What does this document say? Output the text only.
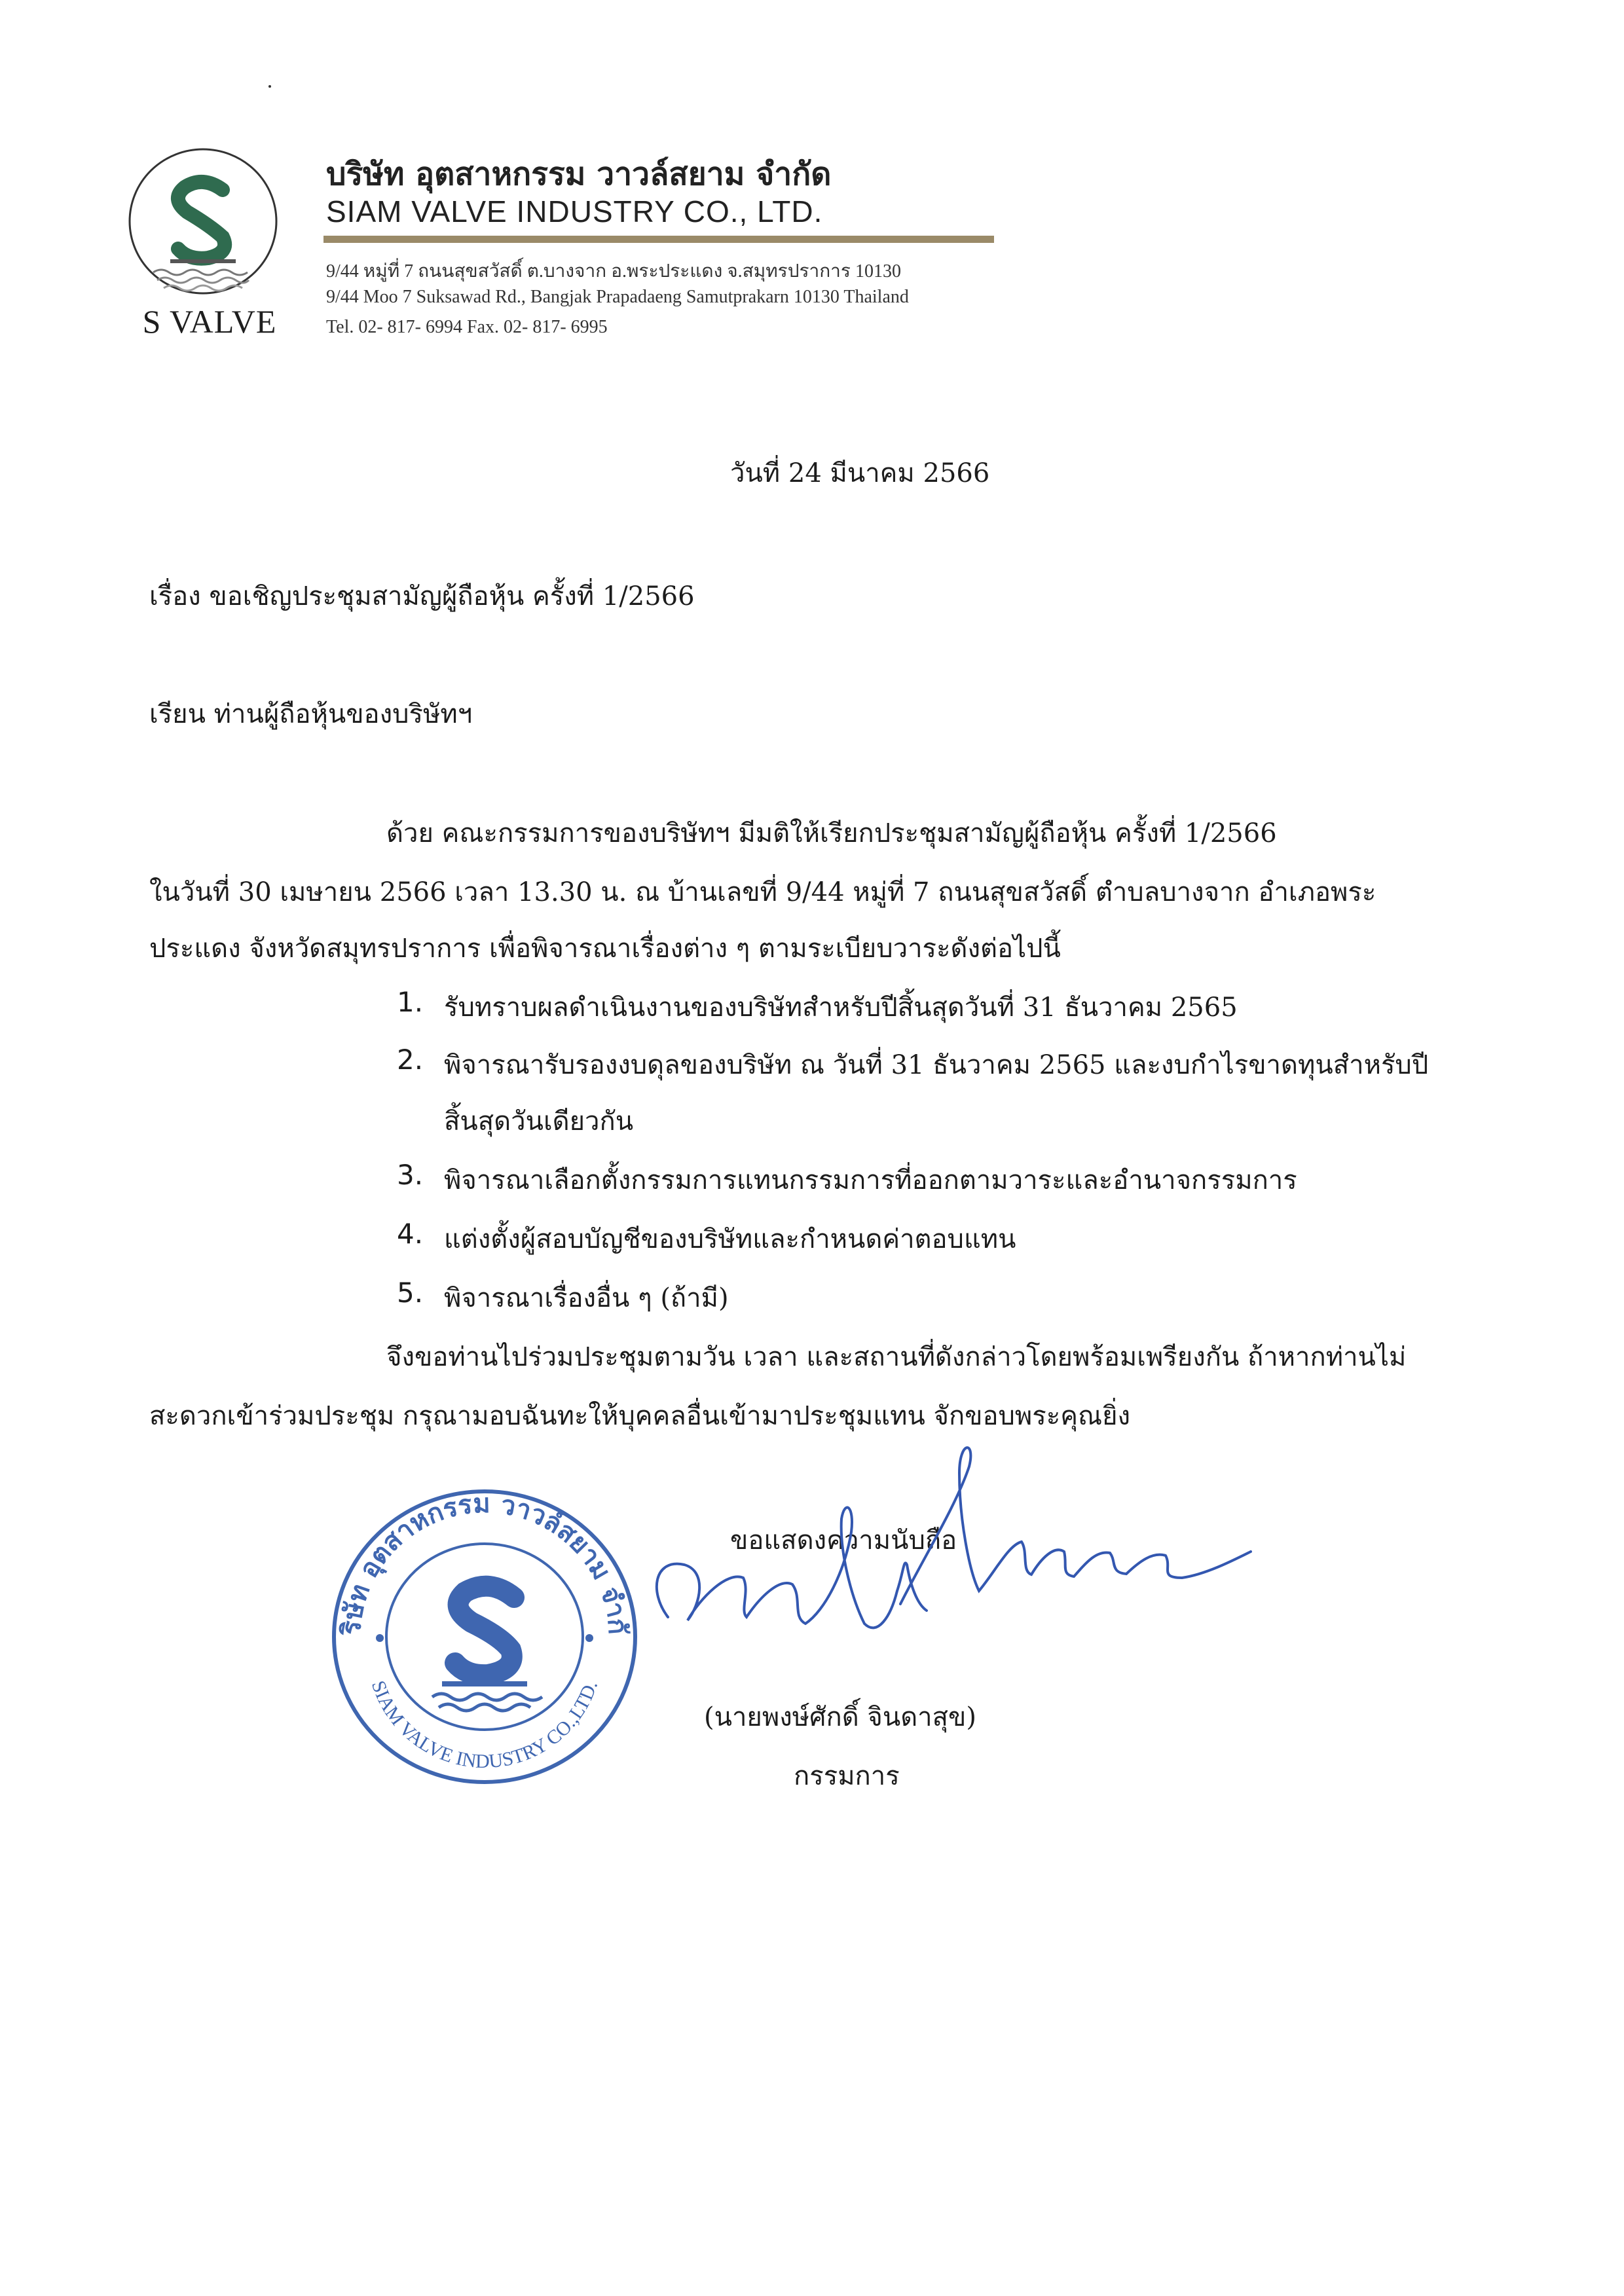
S VALVE
บริษัท อุตสาหกรรม วาวล์สยาม จำกัด
SIAM VALVE INDUSTRY CO., LTD.
9/44 หมู่ที่ 7 ถนนสุขสวัสดิ์ ต.บางจาก อ.พระประแดง จ.สมุทรปราการ 10130
9/44 Moo 7 Suksawad Rd., Bangjak Prapadaeng Samutprakarn 10130 Thailand
Tel. 02- 817- 6994 Fax. 02- 817- 6995
วันที่ 24 มีนาคม 2566
เรื่อง ขอเชิญประชุมสามัญผู้ถือหุ้น ครั้งที่ 1/2566
เรียน ท่านผู้ถือหุ้นของบริษัทฯ
ด้วย คณะกรรมการของบริษัทฯ มีมติให้เรียกประชุมสามัญผู้ถือหุ้น ครั้งที่ 1/2566
ในวันที่ 30 เมษายน 2566 เวลา 13.30 น. ณ บ้านเลขที่ 9/44 หมู่ที่ 7 ถนนสุขสวัสดิ์ ตำบลบางจาก อำเภอพระ
ประแดง จังหวัดสมุทรปราการ เพื่อพิจารณาเรื่องต่าง ๆ ตามระเบียบวาระดังต่อไปนี้
1. รับทราบผลดำเนินงานของบริษัทสำหรับปีสิ้นสุดวันที่ 31 ธันวาคม 2565
2. พิจารณารับรองงบดุลของบริษัท ณ วันที่ 31 ธันวาคม 2565 และงบกำไรขาดทุนสำหรับปี
สิ้นสุดวันเดียวกัน
3. พิจารณาเลือกตั้งกรรมการแทนกรรมการที่ออกตามวาระและอำนาจกรรมการ
4. แต่งตั้งผู้สอบบัญชีของบริษัทและกำหนดค่าตอบแทน
5. พิจารณาเรื่องอื่น ๆ (ถ้ามี)
จึงขอท่านไปร่วมประชุมตามวัน เวลา และสถานที่ดังกล่าวโดยพร้อมเพรียงกัน ถ้าหากท่านไม่
สะดวกเข้าร่วมประชุม กรุณามอบฉันทะให้บุคคลอื่นเข้ามาประชุมแทน จักขอบพระคุณยิ่ง
ริษัท อุตสาหกรรม วาวล์สยาม จำกั
SIAM VALVE INDUSTRY CO.,LTD.
ขอแสดงความนับถือ
(นายพงษ์ศักดิ์ จินดาสุข)
กรรมการ
